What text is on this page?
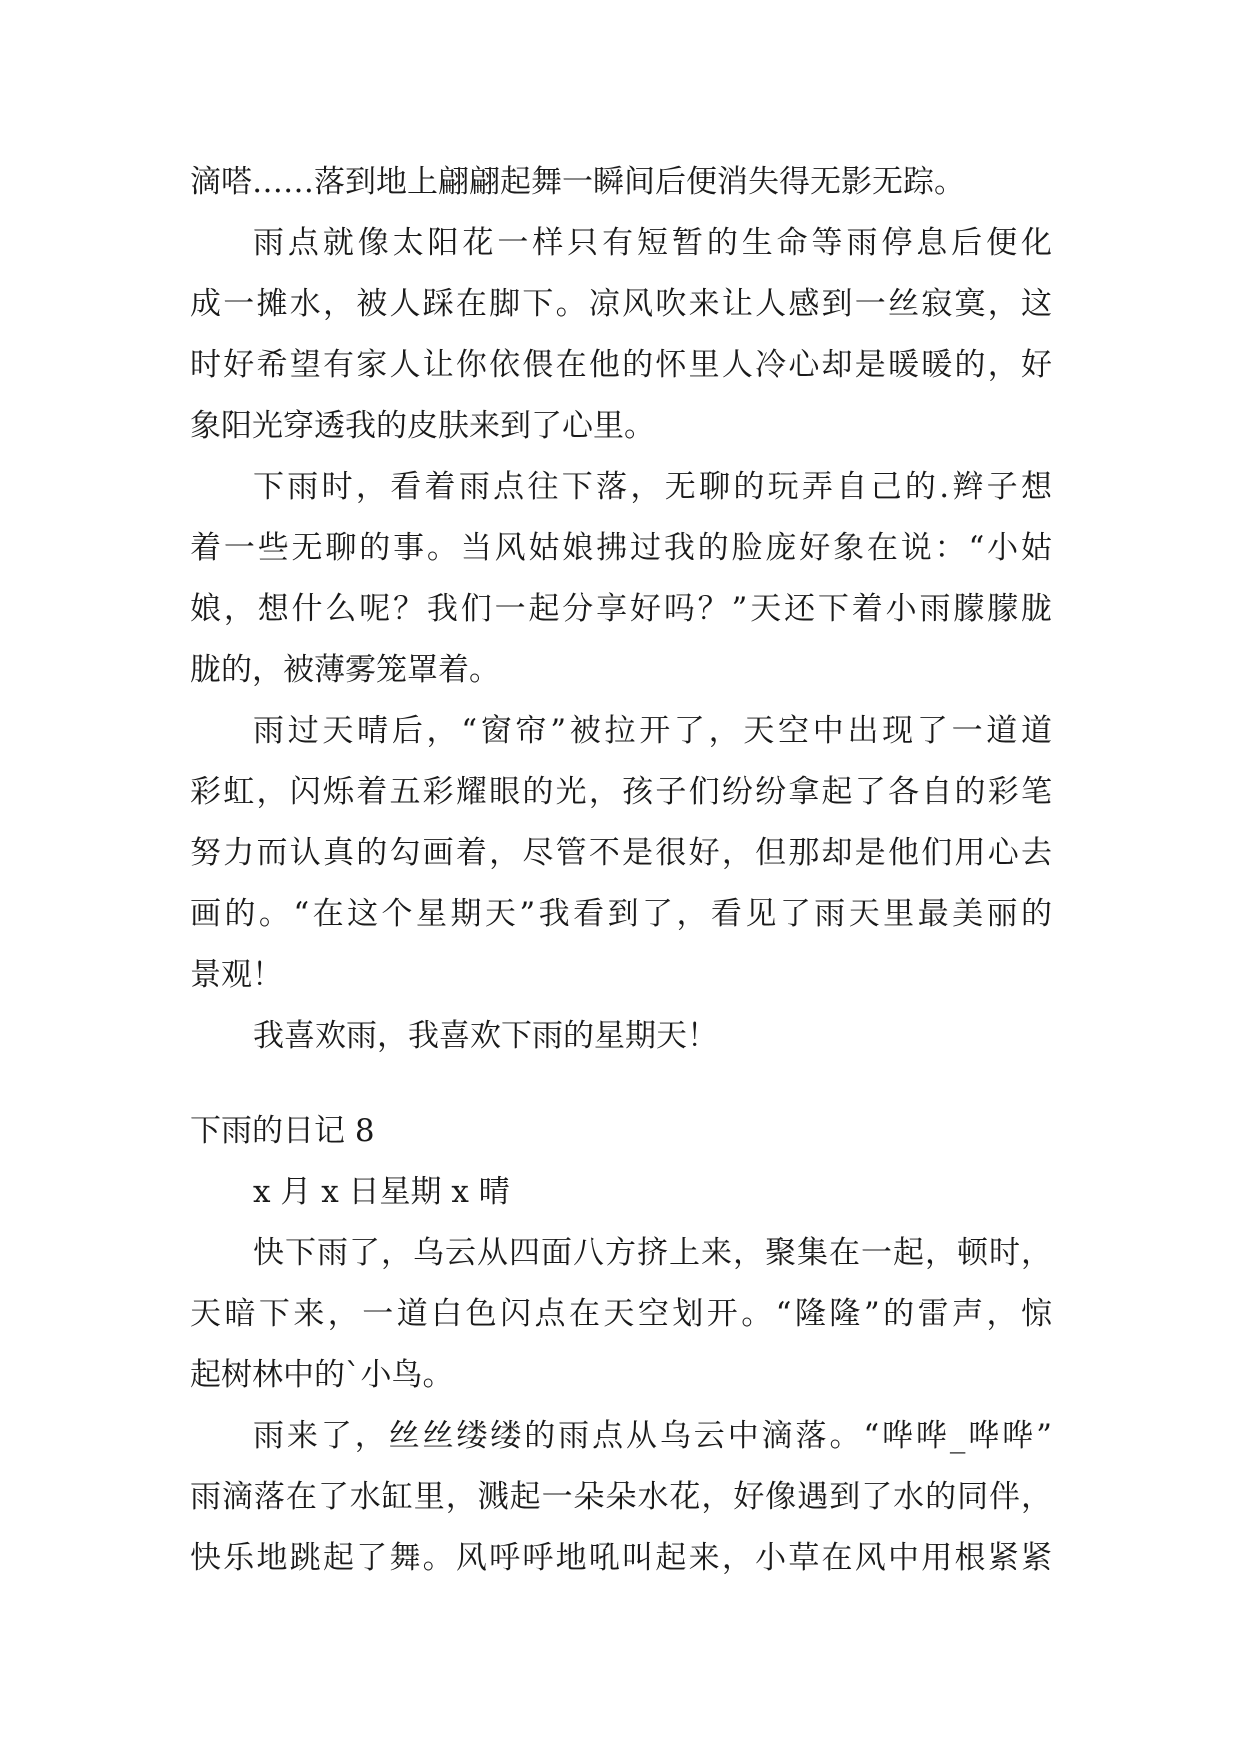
滴嗒……落到地上翩翩起舞一瞬间后便消失得无影无踪。
雨点就像太阳花一样只有短暂的生命等雨停息后便化
成一摊水，被人踩在脚下。凉风吹来让人感到一丝寂寞，这
时好希望有家人让你依偎在他的怀里人冷心却是暖暖的，好
象阳光穿透我的皮肤来到了心里。
下雨时，看着雨点往下落，无聊的玩弄自己的.辫子想
着一些无聊的事。当风姑娘拂过我的脸庞好象在说：“小姑
娘，想什么呢？我们一起分享好吗？”天还下着小雨朦朦胧
胧的，被薄雾笼罩着。
雨过天晴后，“窗帘”被拉开了，天空中出现了一道道
彩虹，闪烁着五彩耀眼的光，孩子们纷纷拿起了各自的彩笔
努力而认真的勾画着，尽管不是很好，但那却是他们用心去
画的。“在这个星期天”我看到了，看见了雨天里最美丽的
景观！
我喜欢雨，我喜欢下雨的星期天！
下雨的日记 8
x 月 x 日星期 x 晴
快下雨了，乌云从四面八方挤上来，聚集在一起，顿时，
天暗下来，一道白色闪点在天空划开。“隆隆”的雷声，惊
起树林中的`小鸟。
雨来了，丝丝缕缕的雨点从乌云中滴落。“哗哗_哗哗”
雨滴落在了水缸里，溅起一朵朵水花，好像遇到了水的同伴，
快乐地跳起了舞。风呼呼地吼叫起来，小草在风中用根紧紧
